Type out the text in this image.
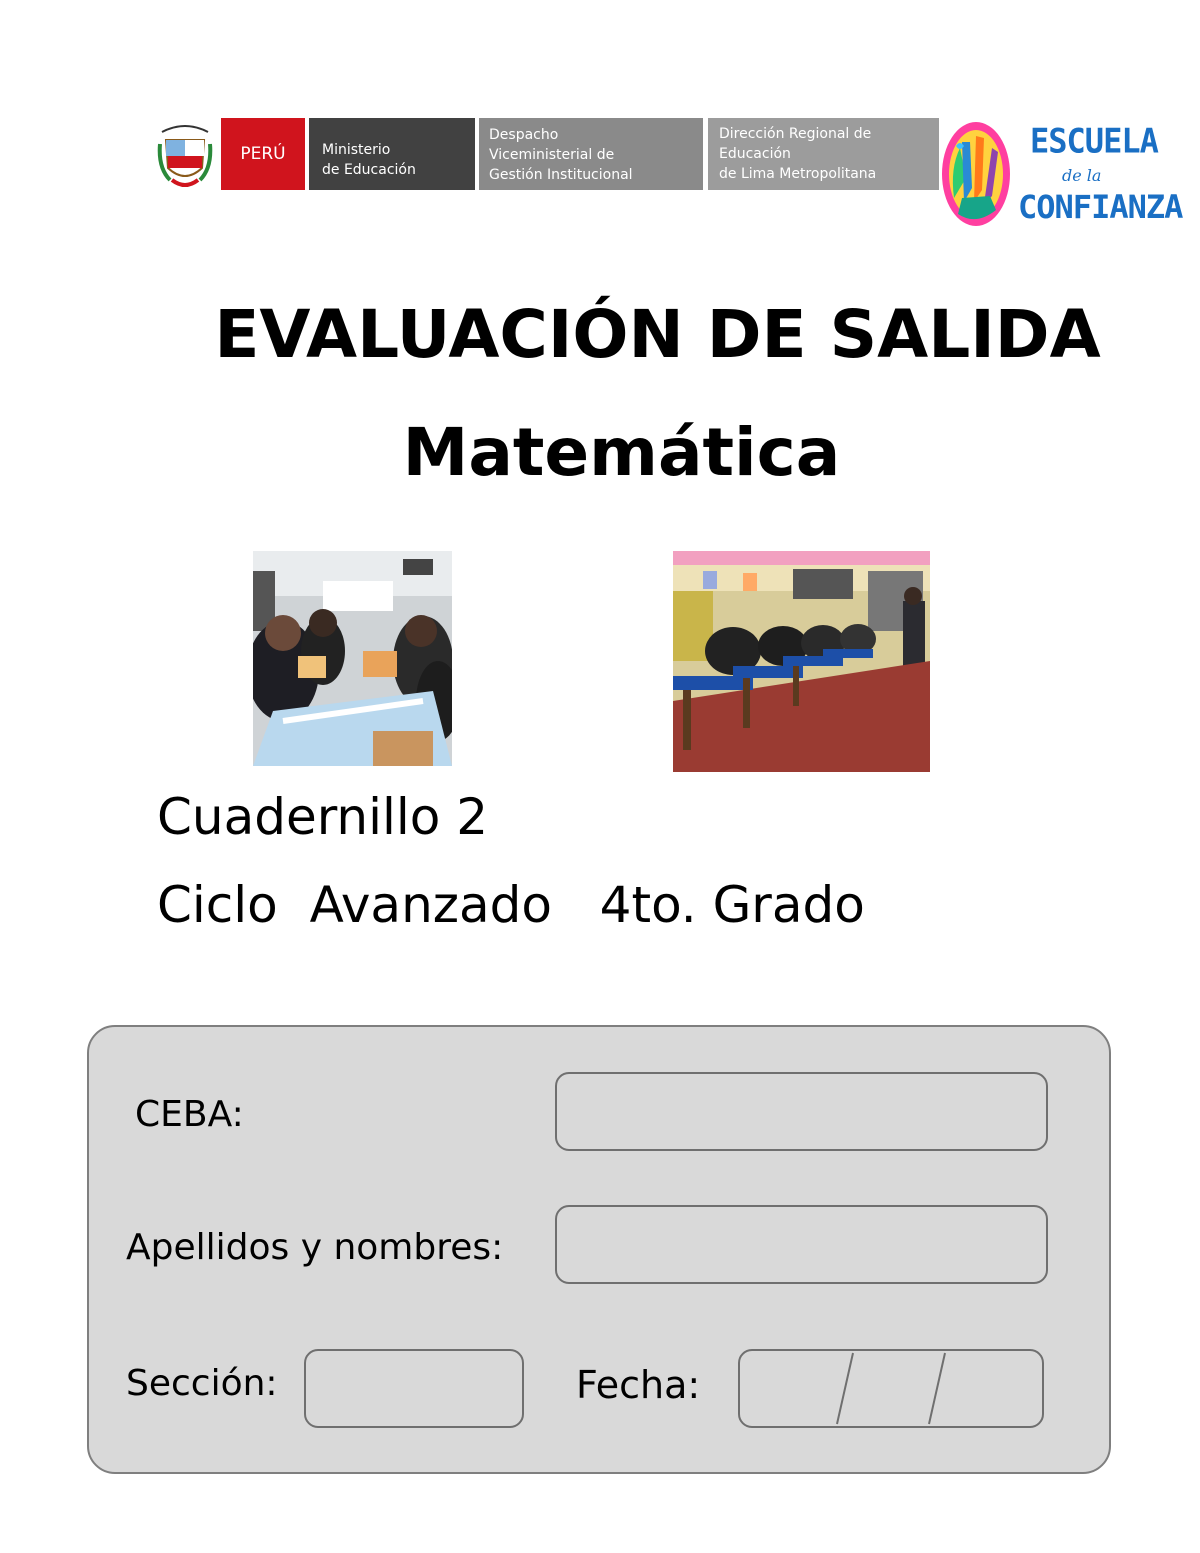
PERÚ	Ministerio
de Educación
Despacho
Viceministerial de
Gestión Institucional
Dirección Regional de
Educación
de Lima Metropolitana
ESCUELA
de la
CONFIANZA
EVALUACIÓN DE SALIDA
Matemática
Cuadernillo 2
Ciclo  Avanzado   4to. Grado
CEBA:
Apellidos y nombres:
Sección:	Fecha:
